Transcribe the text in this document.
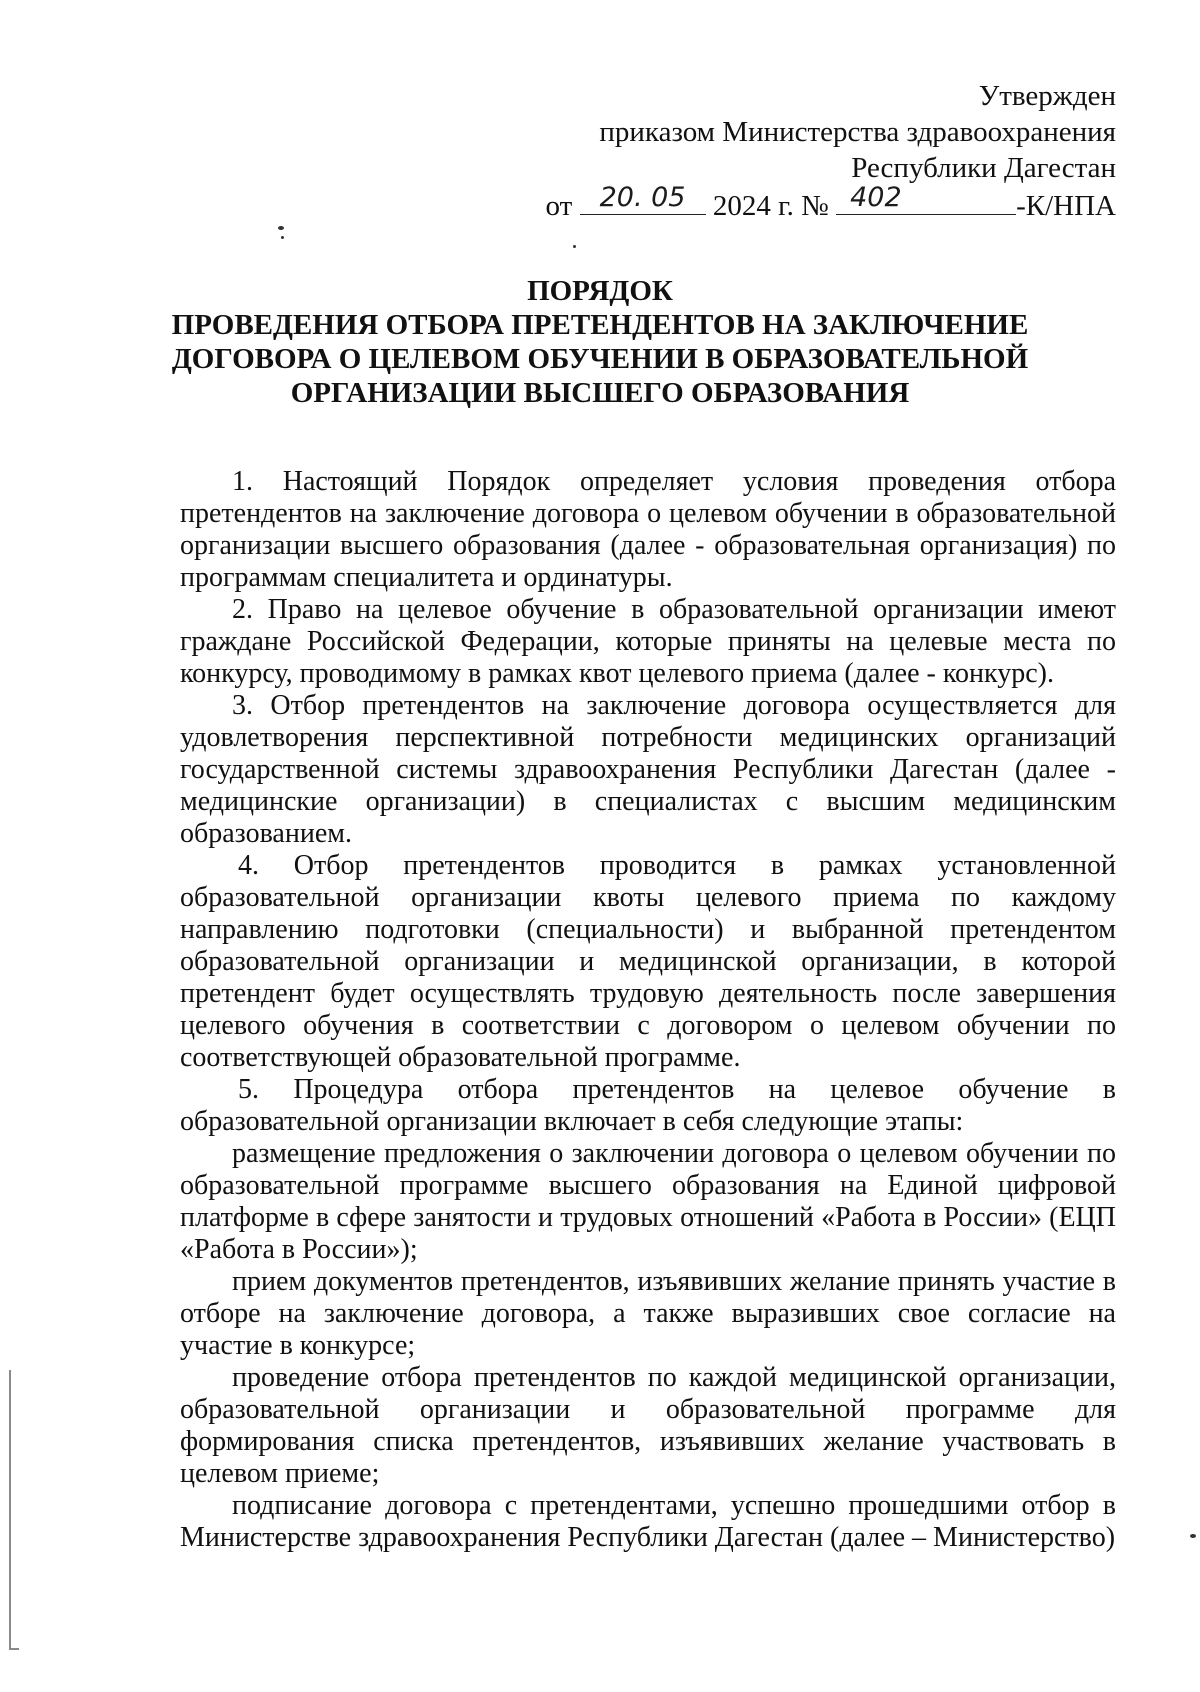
Утвержден
приказом Министерства здравоохранения
Республики Дагестан
от	20. 05 2024 г. № 402	-К/НПА
ПОРЯДОК
ПРОВЕДЕНИЯ ОТБОРА ПРЕТЕНДЕНТОВ НА ЗАКЛЮЧЕНИЕ
ДОГОВОРА О ЦЕЛЕВОМ ОБУЧЕНИИ В ОБРАЗОВАТЕЛЬНОЙ
ОРГАНИЗАЦИИ ВЫСШЕГО ОБРАЗОВАНИЯ

1. Настоящий Порядок определяет условия проведения отбора претендентов на заключение договора о целевом обучении в образовательной организации высшего образования (далее - образовательная организация) по программам специалитета и ординатуры.

2. Право на целевое обучение в образовательной организации имеют граждане Российской Федерации, которые приняты на целевые места по конкурсу, проводимому в рамках квот целевого приема (далее - конкурс).

3. Отбор претендентов на заключение договора осуществляется для удовлетворения перспективной потребности медицинских организаций государственной системы здравоохранения Республики Дагестан (далее - медицинские организации) в специалистах с высшим медицинским образованием.

4. Отбор претендентов проводится в рамках установленной образовательной организации квоты целевого приема по каждому направлению подготовки (специальности) и выбранной претендентом образовательной организации и медицинской организации, в которой претендент будет осуществлять трудовую деятельность после завершения целевого обучения в соответствии с договором о целевом обучении по соответствующей образовательной программе.

5. Процедура отбора претендентов на целевое обучение в образовательной организации включает в себя следующие этапы:

размещение предложения о заключении договора о целевом обучении по образовательной программе высшего образования на Единой цифровой платформе в сфере занятости и трудовых отношений «Работа в России» (ЕЦП «Работа в России»);

прием документов претендентов, изъявивших желание принять участие в отборе на заключение договора, а также выразивших свое согласие на участие в конкурсе;

проведение отбора претендентов по каждой медицинской организации, образовательной организации и образовательной программе для формирования списка претендентов, изъявивших желание участвовать в целевом приеме;

подписание договора с претендентами, успешно прошедшими отбор в Министерстве здравоохранения Республики Дагестан (далее – Министерство)
